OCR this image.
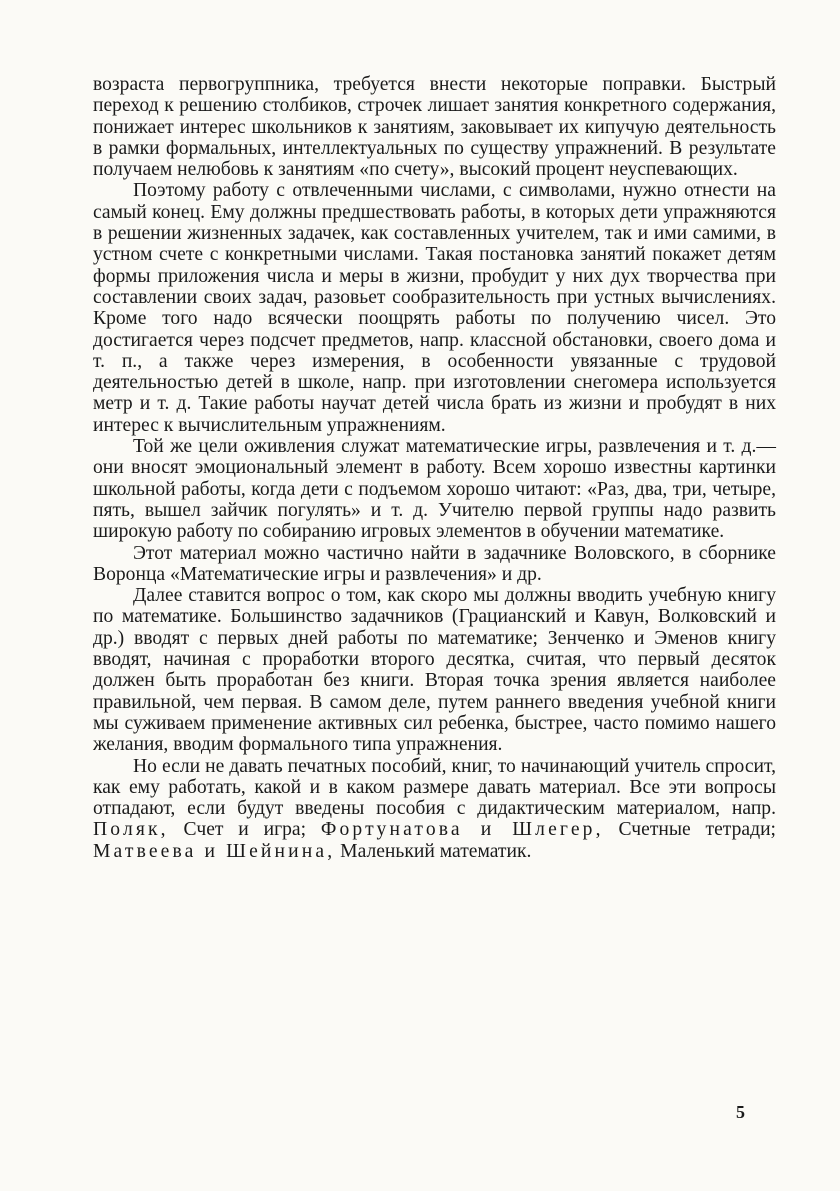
возраста первогруппника, требуется внести некоторые поправки. Быстрый переход к решению столбиков, строчек лишает занятия конкретного содержания, понижает интерес школьников к занятиям, заковывает их кипучую деятельность в рамки формальных, интеллектуальных по существу упражнений. В результате получаем нелюбовь к занятиям «по счету», высокий процент неуспевающих.

Поэтому работу с отвлеченными числами, с символами, нужно отнести на самый конец. Ему должны предшествовать работы, в которых дети упражняются в решении жизненных задачек, как составленных учителем, так и ими самими, в устном счете с конкретными числами. Такая постановка занятий покажет детям формы приложения числа и меры в жизни, пробудит у них дух творчества при составлении своих задач, разовьет сообразительность при устных вычислениях. Кроме того надо всячески поощрять работы по получению чисел. Это достигается через подсчет предметов, напр. классной обстановки, своего дома и т. п., а также через измерения, в особенности увязанные с трудовой деятельностью детей в школе, напр. при изготовлении снегомера используется метр и т. д. Такие работы научат детей числа брать из жизни и пробудят в них интерес к вычислительным упражнениям.

Той же цели оживления служат математические игры, развлечения и т. д.—они вносят эмоциональный элемент в работу. Всем хорошо известны картинки школьной работы, когда дети с подъемом хорошо читают: «Раз, два, три, четыре, пять, вышел зайчик погулять» и т. д. Учителю первой группы надо развить широкую работу по собиранию игровых элементов в обучении математике.

Этот материал можно частично найти в задачнике Воловского, в сборнике Воронца «Математические игры и развлечения» и др.

Далее ставится вопрос о том, как скоро мы должны вводить учебную книгу по математике. Большинство задачников (Грацианский и Кавун, Волковский и др.) вводят с первых дней работы по математике; Зенченко и Эменов книгу вводят, начиная с проработки второго десятка, считая, что первый десяток должен быть проработан без книги. Вторая точка зрения является наиболее правильной, чем первая. В самом деле, путем раннего введения учебной книги мы суживаем применение активных сил ребенка, быстрее, часто помимо нашего желания, вводим формального типа упражнения.

Но если не давать печатных пособий, книг, то начинающий учитель спросит, как ему работать, какой и в каком размере давать материал. Все эти вопросы отпадают, если будут введены пособия с дидактическим материалом, напр. Поляк, Счет и игра; Фортунатова и Шлегер, Счетные тетради; Матвеева и Шейнина, Маленький математик.

5
